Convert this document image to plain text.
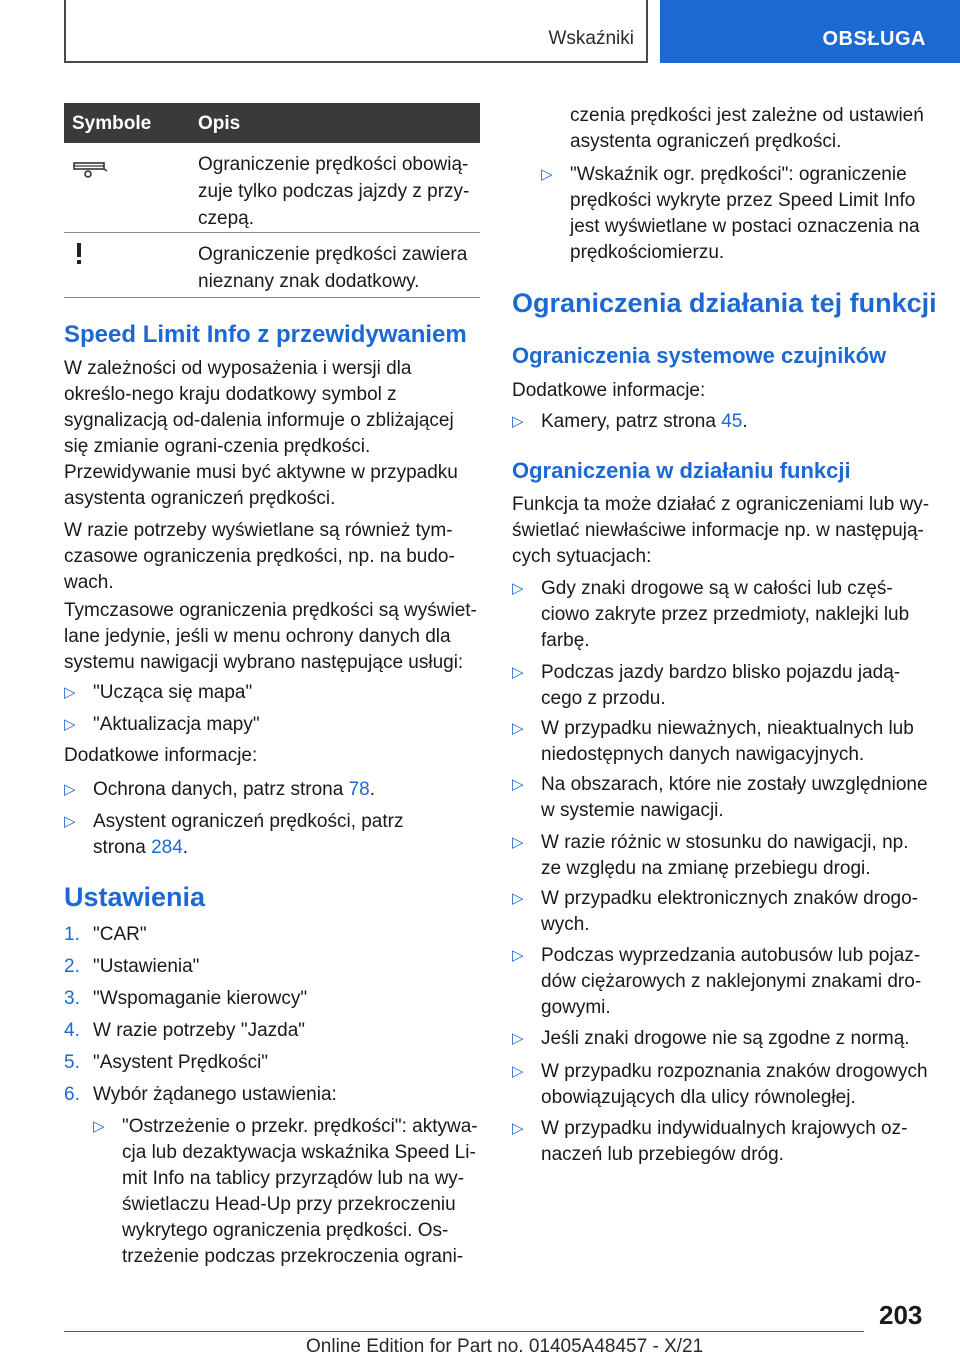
Wskaźniki	OBSŁUGA
Symbole Opis
Ograniczenie prędkości obowią-zuje tylko podczas jajzdy z przy-czepą.
Ograniczenie prędkości zawiera nieznany znak dodatkowy.
Speed Limit Info z przewidywaniem

W zależności od wyposażenia i wersji dla określo-nego kraju dodatkowy symbol z sygnalizacją od-dalenia informuje o zbliżającej się zmianie ograni-czenia prędkości. Przewidywanie musi być aktywne w przypadku asystenta ograniczeń prędkości.

W razie potrzeby wyświetlane są również tym-czasowe ograniczenia prędkości, np. na budo-wach.

Tymczasowe ograniczenia prędkości są wyświet-lane jedynie, jeśli w menu ochrony danych dla systemu nawigacji wybrano następujące usługi:

▷ "Ucząca się mapa"
▷ "Aktualizacja mapy"

Dodatkowe informacje:

▷ Ochrona danych, patrz strona 78.
▷ Asystent ograniczeń prędkości, patrz strona 284.
Ustawienia
1. "CAR"
2. "Ustawienia"
3. "Wspomaganie kierowcy"
4. W razie potrzeby "Jazda"
5. "Asystent Prędkości"
6. Wybór żądanego ustawienia:
▷ "Ostrzeżenie o przekr. prędkości": aktywa-cja lub dezaktywacja wskaźnika Speed Li-mit Info na tablicy przyrządów lub na wy-świetlaczu Head-Up przy przekroczeniu wykrytego ograniczenia prędkości. Os-trzeżenie podczas przekroczenia ograni-

czenia prędkości jest zależne od ustawień asystenta ograniczeń prędkości.

▷ "Wskaźnik ogr. prędkości": ograniczenie prędkości wykryte przez Speed Limit Info jest wyświetlane w postaci oznaczenia na prędkościomierzu.
Ograniczenia działania tej funkcji
Ograniczenia systemowe czujników

Dodatkowe informacje:

▷ Kamery, patrz strona 45.
Ograniczenia w działaniu funkcji

Funkcja ta może działać z ograniczeniami lub wy-świetlać niewłaściwe informacje np. w następują-cych sytuacjach:

▷ Gdy znaki drogowe są w całości lub częś-ciowo zakryte przez przedmioty, naklejki lub farbę.
▷ Podczas jazdy bardzo blisko pojazdu jadą-cego z przodu.
▷ W przypadku nieważnych, nieaktualnych lub niedostępnych danych nawigacyjnych.
▷ Na obszarach, które nie zostały uwzględnione w systemie nawigacji.
▷ W razie różnic w stosunku do nawigacji, np. ze względu na zmianę przebiegu drogi.
▷ W przypadku elektronicznych znaków drogo-wych.
▷ Podczas wyprzedzania autobusów lub pojaz-dów ciężarowych z naklejonymi znakami dro-gowymi.
▷ Jeśli znaki drogowe nie są zgodne z normą.
▷ W przypadku rozpoznania znaków drogowych obowiązujących dla ulicy równoległej.
▷ W przypadku indywidualnych krajowych oz-naczeń lub przebiegów dróg.
203
Online Edition for Part no. 01405A48457 - X/21
